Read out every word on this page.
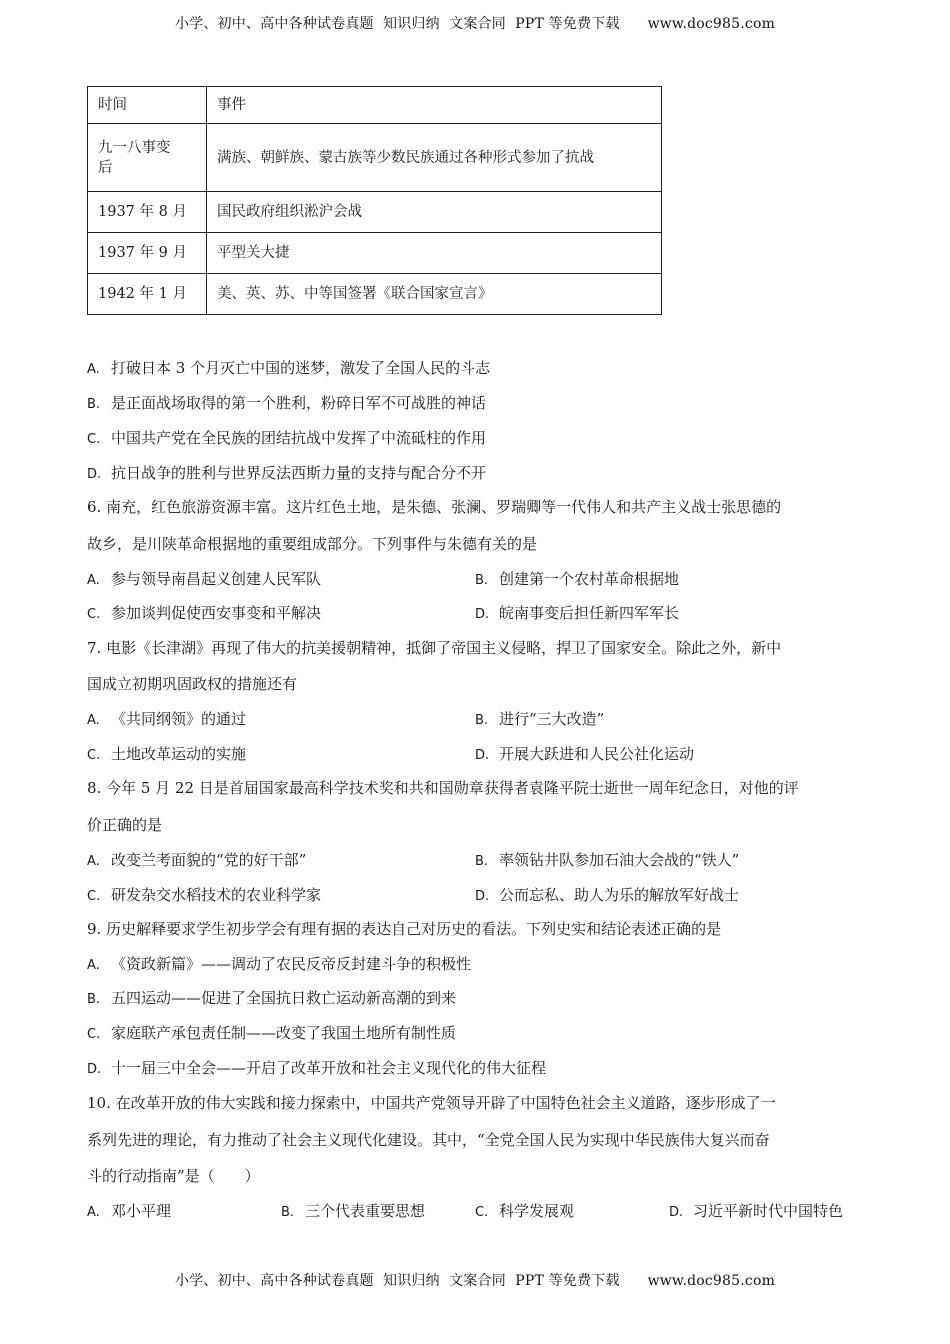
小学、初中、高中各种试卷真题  知识归纳  文案合同  PPT 等免费下载      www.doc985.com
时间	事件

九一八事变
后	满族、朝鲜族、蒙古族等少数民族通过各种形式参加了抗战
1937 年 8 月	国民政府组织淞沪会战
1937 年 9 月	平型关大捷
1942 年 1 月	美、英、苏、中等国签署《联合国家宣言》
A. 打破日本 3 个月灭亡中国的迷梦，激发了全国人民的斗志
B. 是正面战场取得的第一个胜利，粉碎日军不可战胜的神话
C. 中国共产党在全民族的团结抗战中发挥了中流砥柱的作用
D. 抗日战争的胜利与世界反法西斯力量的支持与配合分不开
6. 南充，红色旅游资源丰富。这片红色土地，是朱德、张澜、罗瑞卿等一代伟人和共产主义战士张思德的
故乡，是川陕革命根据地的重要组成部分。下列事件与朱德有关的是
A. 参与领导南昌起义创建人民军队	B. 创建第一个农村革命根据地
C. 参加谈判促使西安事变和平解决	D. 皖南事变后担任新四军军长
7. 电影《长津湖》再现了伟大的抗美援朝精神，抵御了帝国主义侵略，捍卫了国家安全。除此之外，新中
国成立初期巩固政权的措施还有
A. 《共同纲领》的通过	B. 进行“三大改造”
C. 土地改革运动的实施	D. 开展大跃进和人民公社化运动
8. 今年 5 月 22 日是首届国家最高科学技术奖和共和国勋章获得者袁隆平院士逝世一周年纪念日，对他的评
价正确的是
A. 改变兰考面貌的“党的好干部”	B. 率领钻井队参加石油大会战的“铁人”
C. 研发杂交水稻技术的农业科学家	D. 公而忘私、助人为乐的解放军好战士
9. 历史解释要求学生初步学会有理有据的表达自己对历史的看法。下列史实和结论表述正确的是
A. 《资政新篇》——调动了农民反帝反封建斗争的积极性
B. 五四运动——促进了全国抗日救亡运动新高潮的到来
C. 家庭联产承包责任制——改变了我国土地所有制性质
D. 十一届三中全会——开启了改革开放和社会主义现代化的伟大征程
10. 在改革开放的伟大实践和接力探索中，中国共产党领导开辟了中国特色社会主义道路，逐步形成了一
系列先进的理论，有力推动了社会主义现代化建设。其中，“全党全国人民为实现中华民族伟大复兴而奋
斗的行动指南”是（　　）
A. 邓小平理	B. 三个代表重要思想	C. 科学发展观	D. 习近平新时代中国特色
小学、初中、高中各种试卷真题  知识归纳  文案合同  PPT 等免费下载      www.doc985.com
